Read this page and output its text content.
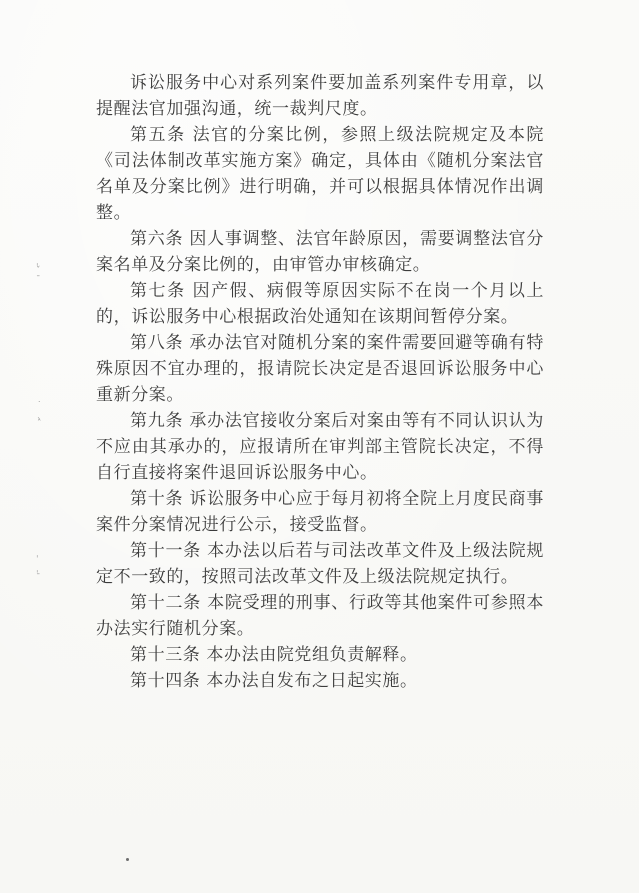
诉讼服务中心对系列案件要加盖系列案件专用章，以提醒法官加强沟通，统一裁判尺度。

第五条 法官的分案比例，参照上级法院规定及本院《司法体制改革实施方案》确定，具体由《随机分案法官名单及分案比例》进行明确，并可以根据具体情况作出调整。

第六条 因人事调整、法官年龄原因，需要调整法官分案名单及分案比例的，由审管办审核确定。

第七条 因产假、病假等原因实际不在岗一个月以上的，诉讼服务中心根据政治处通知在该期间暂停分案。

第八条 承办法官对随机分案的案件需要回避等确有特殊原因不宜办理的，报请院长决定是否退回诉讼服务中心重新分案。

第九条 承办法官接收分案后对案由等有不同认识认为不应由其承办的，应报请所在审判部主管院长决定，不得自行直接将案件退回诉讼服务中心。

第十条 诉讼服务中心应于每月初将全院上月度民商事案件分案情况进行公示，接受监督。

第十一条 本办法以后若与司法改革文件及上级法院规定不一致的，按照司法改革文件及上级法院规定执行。

第十二条 本院受理的刑事、行政等其他案件可参照本办法实行随机分案。

第十三条 本办法由院党组负责解释。

第十四条 本办法自发布之日起实施。

ˌ
ˇ
ˉ
˙
ˎ
ˆ
ˈ
ˌ
ˉ
